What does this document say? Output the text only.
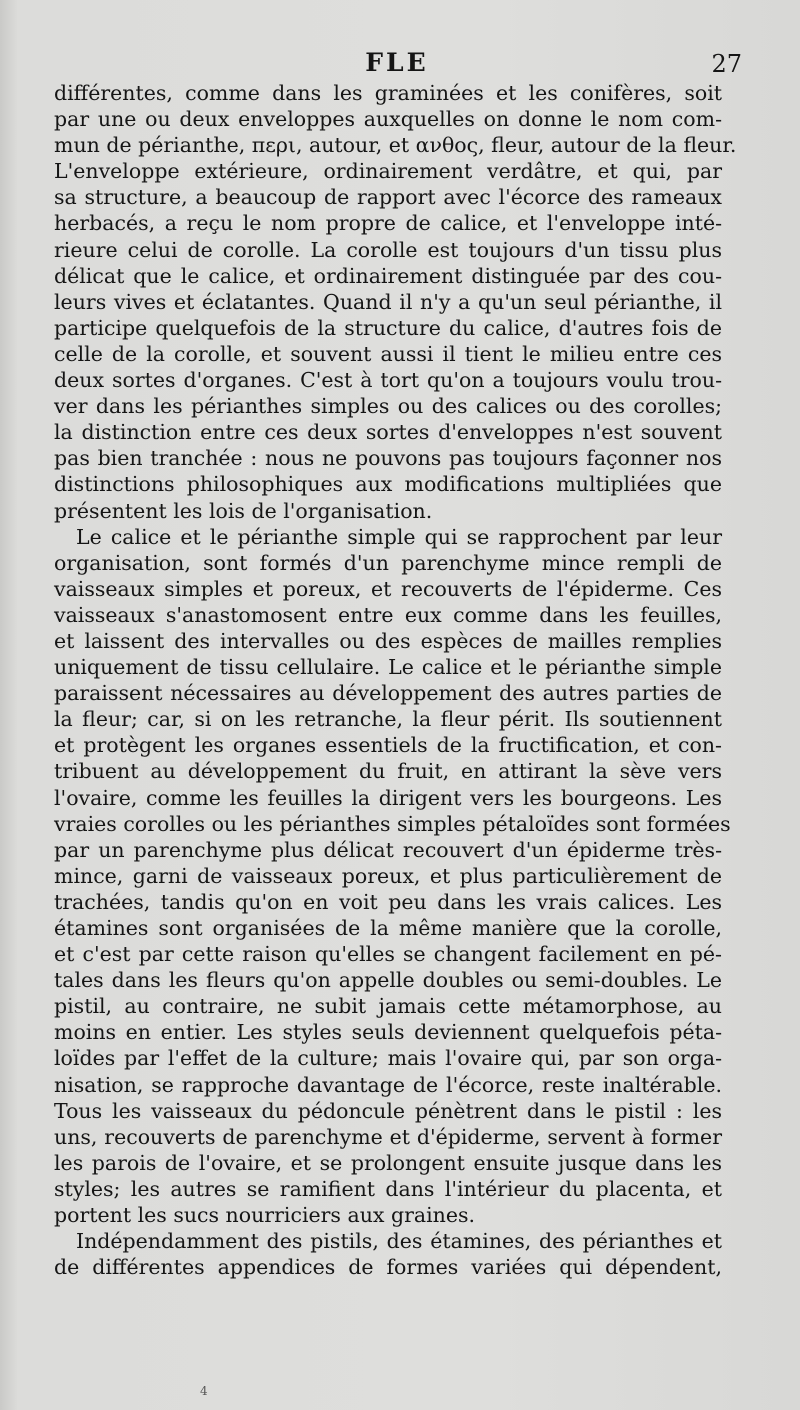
FLE	27
différentes, comme dans les graminées et les conifères, soit
par une ou deux enveloppes auxquelles on donne le nom com-
mun de périanthe, περι, autour, et ανθος, fleur, autour de la fleur.
L'enveloppe extérieure, ordinairement verdâtre, et qui, par
sa structure, a beaucoup de rapport avec l'écorce des rameaux
herbacés, a reçu le nom propre de calice, et l'enveloppe inté-
rieure celui de corolle. La corolle est toujours d'un tissu plus
délicat que le calice, et ordinairement distinguée par des cou-
leurs vives et éclatantes. Quand il n'y a qu'un seul périanthe, il
participe quelquefois de la structure du calice, d'autres fois de
celle de la corolle, et souvent aussi il tient le milieu entre ces
deux sortes d'organes. C'est à tort qu'on a toujours voulu trou-
ver dans les périanthes simples ou des calices ou des corolles;
la distinction entre ces deux sortes d'enveloppes n'est souvent
pas bien tranchée : nous ne pouvons pas toujours façonner nos
distinctions philosophiques aux modifications multipliées que
présentent les lois de l'organisation.
Le calice et le périanthe simple qui se rapprochent par leur
organisation, sont formés d'un parenchyme mince rempli de
vaisseaux simples et poreux, et recouverts de l'épiderme. Ces
vaisseaux s'anastomosent entre eux comme dans les feuilles,
et laissent des intervalles ou des espèces de mailles remplies
uniquement de tissu cellulaire. Le calice et le périanthe simple
paraissent nécessaires au développement des autres parties de
la fleur; car, si on les retranche, la fleur périt. Ils soutiennent
et protègent les organes essentiels de la fructification, et con-
tribuent au développement du fruit, en attirant la sève vers
l'ovaire, comme les feuilles la dirigent vers les bourgeons. Les
vraies corolles ou les périanthes simples pétaloïdes sont formées
par un parenchyme plus délicat recouvert d'un épiderme très-
mince, garni de vaisseaux poreux, et plus particulièrement de
trachées, tandis qu'on en voit peu dans les vrais calices. Les
étamines sont organisées de la même manière que la corolle,
et c'est par cette raison qu'elles se changent facilement en pé-
tales dans les fleurs qu'on appelle doubles ou semi-doubles. Le
pistil, au contraire, ne subit jamais cette métamorphose, au
moins en entier. Les styles seuls deviennent quelquefois péta-
loïdes par l'effet de la culture; mais l'ovaire qui, par son orga-
nisation, se rapproche davantage de l'écorce, reste inaltérable.
Tous les vaisseaux du pédoncule pénètrent dans le pistil : les
uns, recouverts de parenchyme et d'épiderme, servent à former
les parois de l'ovaire, et se prolongent ensuite jusque dans les
styles; les autres se ramifient dans l'intérieur du placenta, et
portent les sucs nourriciers aux graines.
Indépendamment des pistils, des étamines, des périanthes et
de différentes appendices de formes variées qui dépendent,
4
